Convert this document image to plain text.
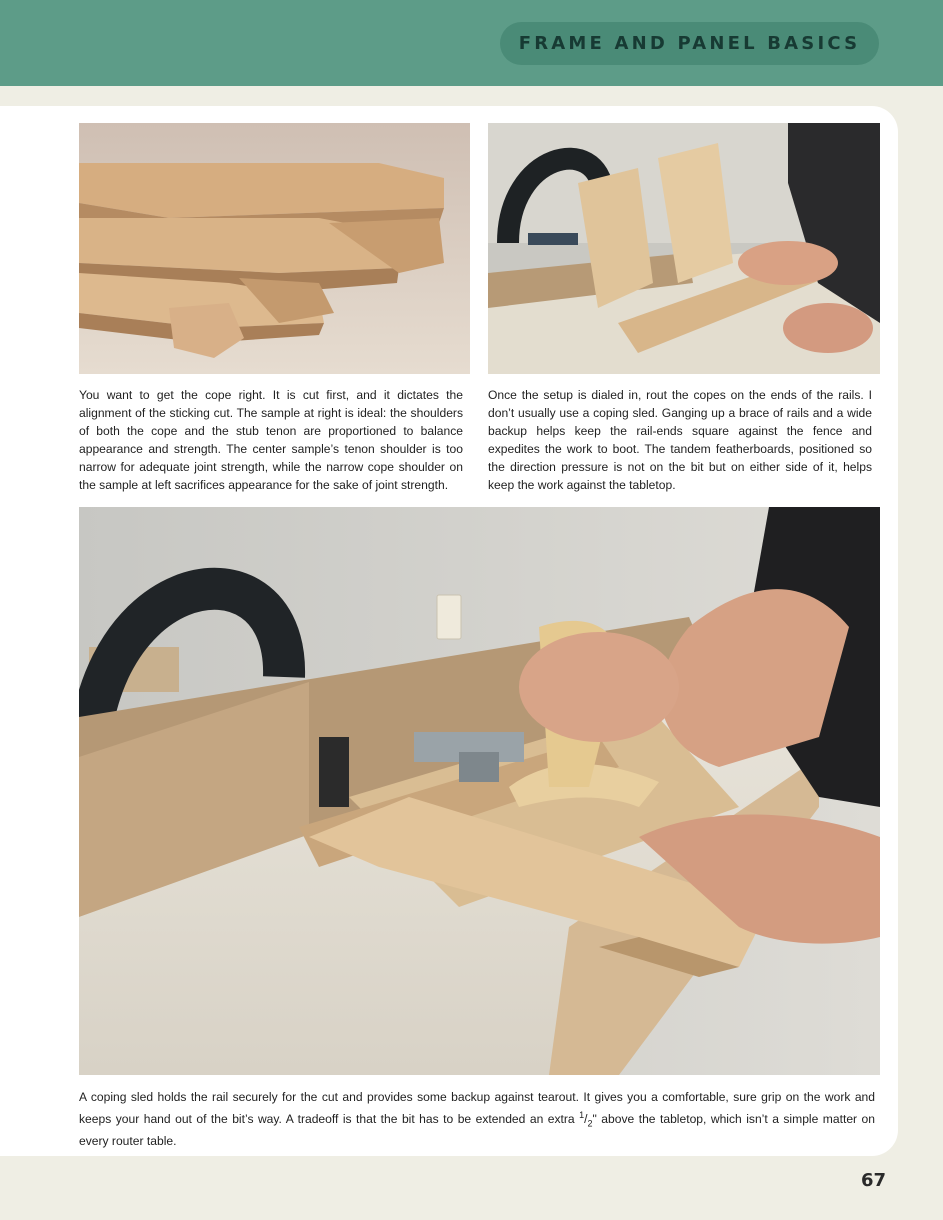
FRAME AND PANEL BASICS

You want to get the cope right. It is cut first, and it dictates the alignment of the sticking cut. The sample at right is ideal: the shoulders of both the cope and the stub tenon are proportioned to balance appearance and strength. The center sample’s tenon shoulder is too narrow for adequate joint strength, while the narrow cope shoulder on the sample at left sacrifices appearance for the sake of joint strength.

Once the setup is dialed in, rout the copes on the ends of the rails. I don’t usually use a coping sled. Ganging up a brace of rails and a wide backup helps keep the rail-ends square against the fence and expedites the work to boot. The tandem featherboards, positioned so the direction pressure is not on the bit but on either side of it, helps keep the work against the tabletop.

A coping sled holds the rail securely for the cut and provides some backup against tearout. It gives you a comfortable, sure grip on the work and keeps your hand out of the bit’s way. A tradeoff is that the bit has to be extended an extra $^1/_2$" above the tabletop, which isn’t a simple matter on every router table.

67
